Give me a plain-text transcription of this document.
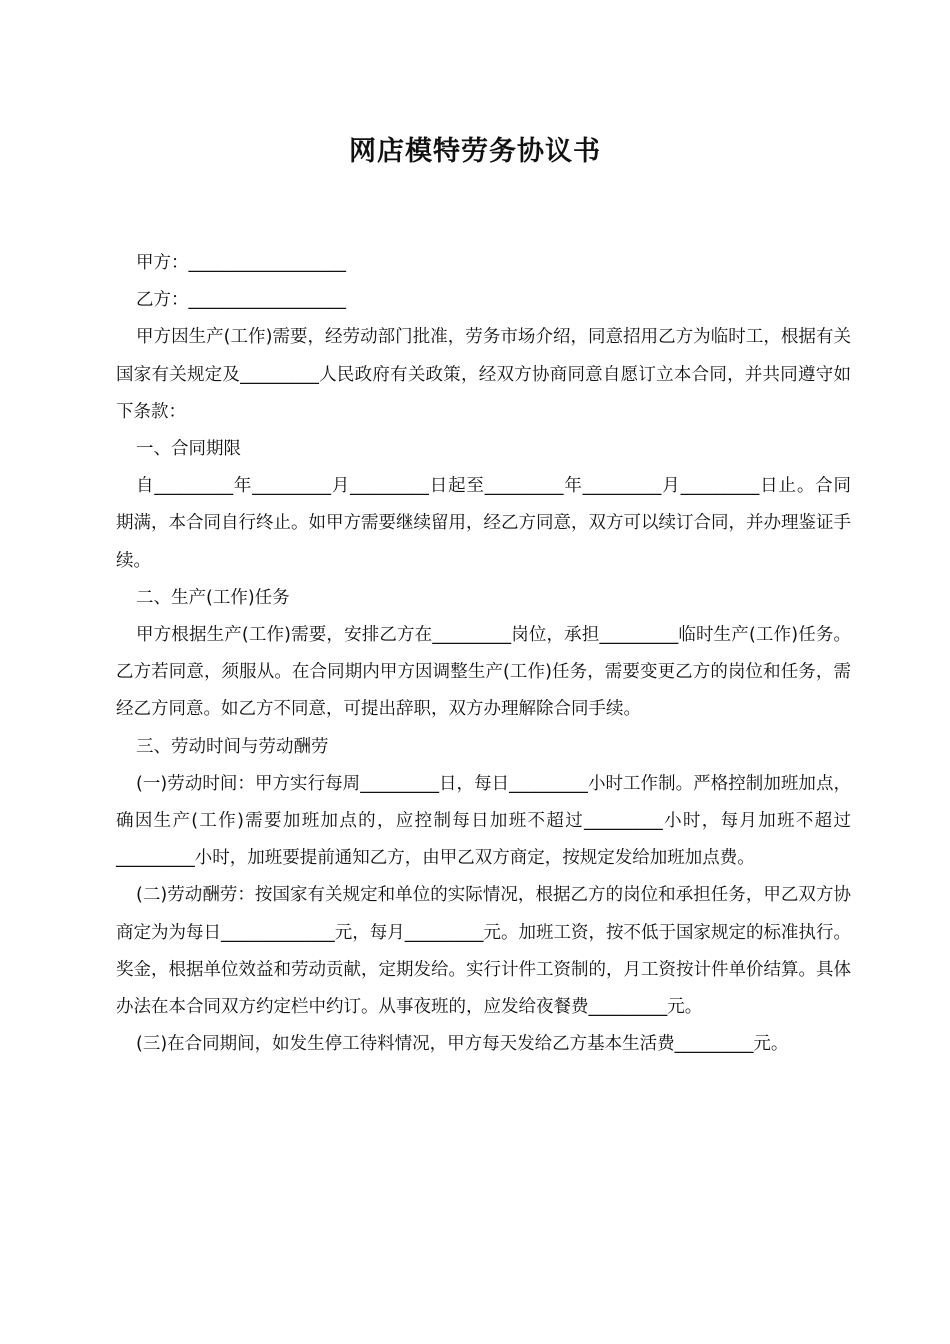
网店模特劳务协议书

甲方：__________________

乙方：__________________

甲方因生产(工作)需要，经劳动部门批准，劳务市场介绍，同意招用乙方为临时工，根据有关国家有关规定及_________人民政府有关政策，经双方协商同意自愿订立本合同，并共同遵守如下条款：

一、合同期限

自_________年_________月_________日起至_________年_________月_________日止。合同期满，本合同自行终止。如甲方需要继续留用，经乙方同意，双方可以续订合同，并办理鉴证手续。

二、生产(工作)任务

甲方根据生产(工作)需要，安排乙方在_________岗位，承担_________临时生产(工作)任务。乙方若同意，须服从。在合同期内甲方因调整生产(工作)任务，需要变更乙方的岗位和任务，需经乙方同意。如乙方不同意，可提出辞职，双方办理解除合同手续。

三、劳动时间与劳动酬劳

(一)劳动时间：甲方实行每周_________日，每日_________小时工作制。严格控制加班加点，确因生产(工作)需要加班加点的，应控制每日加班不超过_________小时，每月加班不超过_________小时，加班要提前通知乙方，由甲乙双方商定，按规定发给加班加点费。

(二)劳动酬劳：按国家有关规定和单位的实际情况，根据乙方的岗位和承担任务，甲乙双方协商定为为每日_____________元，每月_________元。加班工资，按不低于国家规定的标准执行。奖金，根据单位效益和劳动贡献，定期发给。实行计件工资制的，月工资按计件单价结算。具体办法在本合同双方约定栏中约订。从事夜班的，应发给夜餐费_________元。

(三)在合同期间，如发生停工待料情况，甲方每天发给乙方基本生活费_________元。
